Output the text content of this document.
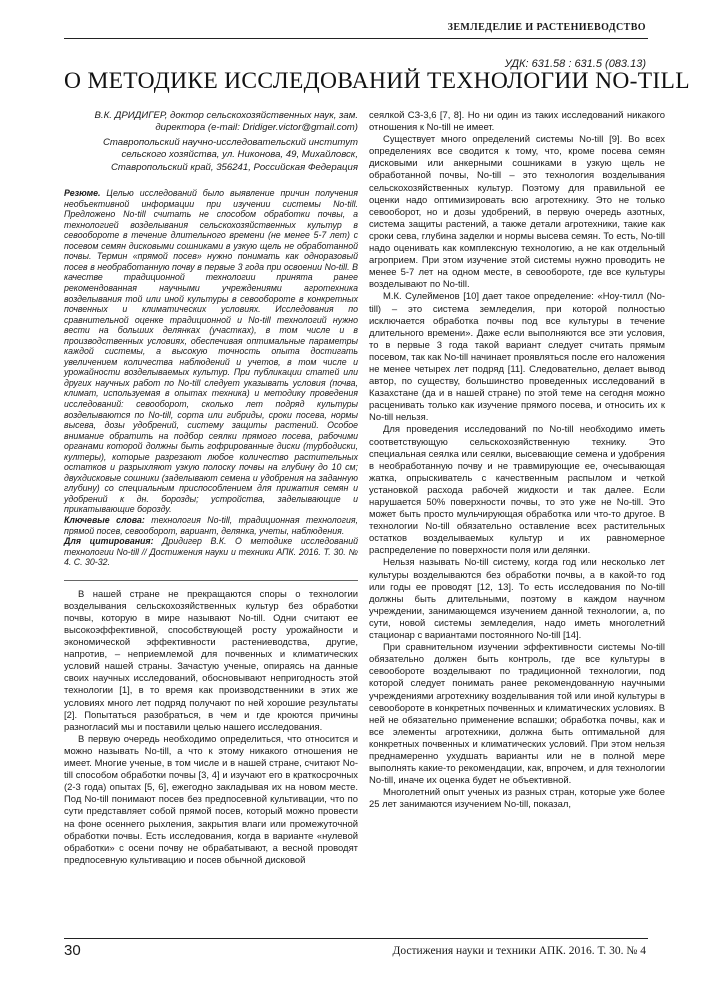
ЗЕМЛЕДЕЛИЕ И РАСТЕНИЕВОДСТВО
УДК: 631.58 : 631.5 (083.13)
О МЕТОДИКЕ ИССЛЕДОВАНИЙ ТЕХНОЛОГИИ NO-TILL

В.К. ДРИДИГЕР, доктор сельскохозяйственных наук, зам. директора (e-mail: Dridiger.victor@gmail.com)

Ставропольский научно-исследовательский институт сельского хозяйства, ул. Никонова, 49, Михайловск, Ставропольский край, 356241, Российская Федерация

Резюме. Целью исследований было выявление причин получения необъективной информации при изучении системы No-till. Предложено No-till считать не способом обработки почвы, а технологией возделывания сельскохозяйственных культур в севообороте в течение длительного времени (не менее 5-7 лет) с посевом семян дисковыми сошниками в узкую щель не обработанной почвы. Термин «прямой посев» нужно понимать как одноразовый посев в необработанную почву в первые 3 года при освоении No-till. В качестве традиционной технологии принята ранее рекомендованная научными учреждениями агротехника возделывания той или иной культуры в севообороте в конкретных почвенных и климатических условиях. Исследования по сравнительной оценке традиционной и No-till технологий нужно вести на больших делянках (участках), в том числе и в производственных условиях, обеспечивая оптимальные параметры каждой системы, а высокую точность опыта достигать увеличением количества наблюдений и учетов, в том числе и урожайности возделываемых культур. При публикации статей или других научных работ по No-till следует указывать условия (почва, климат, используемая в опытах техника) и методику проведения исследований: севооборот, сколько лет подряд культуры возделываются по No-till, сорта или гибриды, сроки посева, нормы высева, дозы удобрений, систему защиты растений. Особое внимание обратить на подбор сеялки прямого посева, рабочими органами которой должны быть гофрированные диски (турбодиски, култеры), которые разрезают любое количество растительных остатков и разрыхляют узкую полоску почвы на глубину до 10 см; двухдисковые сошники (заделывают семена и удобрения на заданную глубину) со специальным приспособлением для прижатия семян и удобрений к дн. борозды; устройства, заделывающие и прикатывающие борозду.

Ключевые слова: технология No-till, традиционная технология, прямой посев, севооборот, вариант, делянка, учеты, наблюдения.

Для цитирования: Дридигер В.К. О методике исследований технологии No-till // Достижения науки и техники АПК. 2016. Т. 30. № 4. С. 30-32.

В нашей стране не прекращаются споры о технологии возделывания сельскохозяйственных культур без обработки почвы, которую в мире называют No-till. Одни считают ее высокоэффективной, способствующей росту урожайности и экономической эффективности растениеводства, другие, напротив, – неприемлемой для почвенных и климатических условий нашей страны. Зачастую ученые, опираясь на данные своих научных исследований, обосновывают непригодность этой технологии [1], в то время как производственники в этих же условиях много лет подряд получают по ней хорошие результаты [2]. Попытаться разобраться, в чем и где кроются причины разногласий мы и поставили целью нашего исследования.

В первую очередь необходимо определиться, что относится и можно называть No-till, а что к этому никакого отношения не имеет. Многие ученые, в том числе и в нашей стране, считают No-till способом обработки почвы [3, 4] и изучают его в краткосрочных (2-3 года) опытах [5, 6], ежегодно закладывая их на новом месте. Под No-till понимают посев без предпосевной культивации, что по сути представляет собой прямой посев, который можно провести на фоне осеннего рыхления, закрытия влаги или промежуточной обработки почвы. Есть исследования, когда в варианте «нулевой обработки» с осени почву не обрабатывают, а весной проводят предпосевную культивацию и посев обычной дисковой

сеялкой СЗ-3,6 [7, 8]. Но ни один из таких исследований никакого отношения к No-till не имеет.

Существует много определений системы No-till [9]. Во всех определениях все сводится к тому, что, кроме посева семян дисковыми или анкерными сошниками в узкую щель не обработанной почвы, No-till – это технология возделывания сельскохозяйственных культур. Поэтому для правильной ее оценки надо оптимизировать всю агротехнику. Это не только севооборот, но и дозы удобрений, в первую очередь азотных, система защиты растений, а также детали агротехники, такие как сроки сева, глубина заделки и нормы высева семян. То есть, No-till надо оценивать как комплексную технологию, а не как отдельный агроприем. При этом изучение этой системы нужно проводить не менее 5-7 лет на одном месте, в севообороте, где все культуры возделывают по No-till.

М.К. Сулейменов [10] дает такое определение: «Ноу-тилл (No-till) – это система земледелия, при которой полностью исключается обработка почвы под все культуры в течение длительного времени». Даже если выполняются все эти условия, то в первые 3 года такой вариант следует считать прямым посевом, так как No-till начинает проявляться после его наложения не менее четырех лет подряд [11]. Следовательно, делает вывод автор, по существу, большинство проведенных исследований в Казахстане (да и в нашей стране) по этой теме на сегодня можно расценивать только как изучение прямого посева, и относить их к No-till нельзя.

Для проведения исследований по No-till необходимо иметь соответствующую сельскохозяйственную технику. Это специальная сеялка или сеялки, высевающие семена и удобрения в необработанную почву и не травмирующие ее, очесывающая жатка, опрыскиватель с качественным распылом и четкой установкой расхода рабочей жидкости и так далее. Если нарушается 50% поверхности почвы, то это уже не No-till. Это может быть просто мульчирующая обработка или что-то другое. В технологии No-till обязательно оставление всех растительных остатков возделываемых культур и их равномерное распределение по поверхности поля или делянки.

Нельзя называть No-till систему, когда год или несколько лет культуры возделываются без обработки почвы, а в какой-то год или годы ее проводят [12, 13]. То есть исследования по No-till должны быть длительными, поэтому в каждом научном учреждении, занимающемся изучением данной технологии, а, по сути, новой системы земледелия, надо иметь многолетний стационар с вариантами постоянного No-till [14].

При сравнительном изучении эффективности системы No-till обязательно должен быть контроль, где все культуры в севообороте возделывают по традиционной технологии, под которой следует понимать ранее рекомендованную научными учреждениями агротехнику возделывания той или иной культуры в севообороте в конкретных почвенных и климатических условиях. В ней не обязательно применение вспашки; обработка почвы, как и все элементы агротехники, должна быть оптимальной для конкретных почвенных и климатических условий. При этом нельзя преднамеренно ухудшать варианты или не в полной мере выполнять какие-то рекомендации, как, впрочем, и для технологии No-till, иначе их оценка будет не объективной.

Многолетний опыт ученых из разных стран, которые уже более 25 лет занимаются изучением No-till, показал,

30	Достижения науки и техники АПК. 2016. Т. 30. № 4
